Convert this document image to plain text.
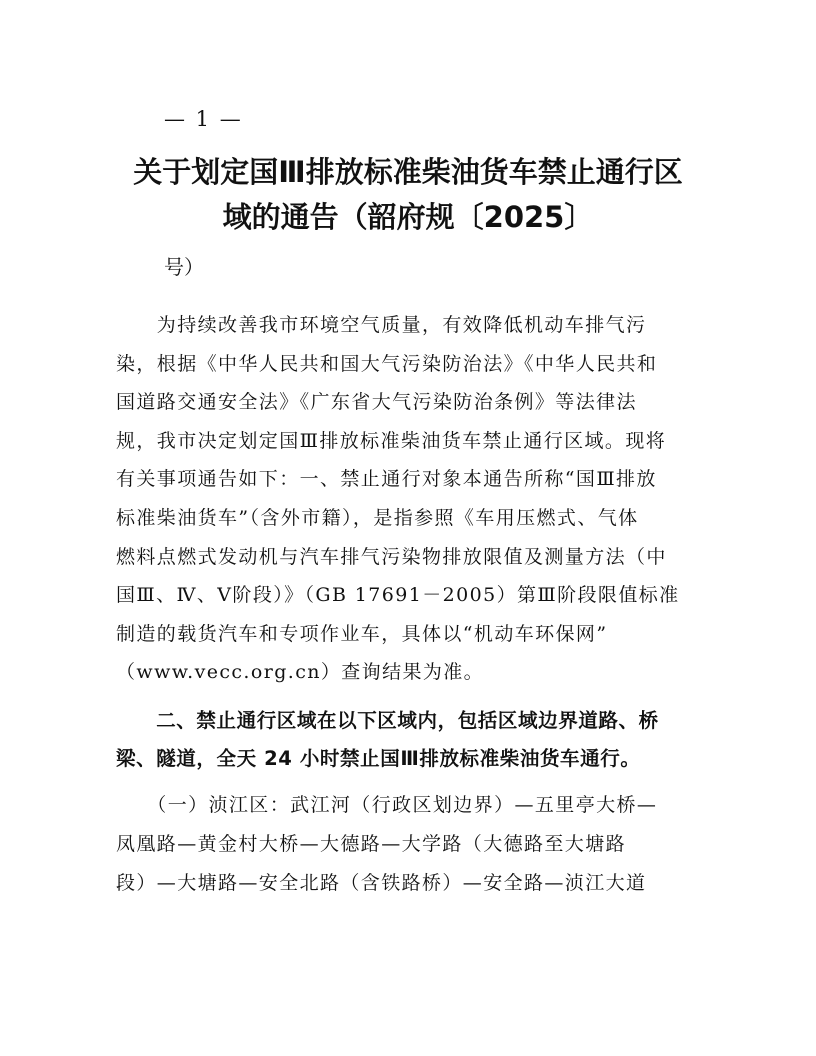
— 1 —
关于划定国Ⅲ排放标准柴油货车禁止通行区
域的通告（韶府规〔2025〕
号）

　　为持续改善我市环境空气质量，有效降低机动车排气污
染，根据《中华人民共和国大气污染防治法》《中华人民共和
国道路交通安全法》《广东省大气污染防治条例》等法律法
规，我市决定划定国Ⅲ排放标准柴油货车禁止通行区域。现将
有关事项通告如下：一、禁止通行对象本通告所称“国Ⅲ排放
标准柴油货车”（含外市籍），是指参照《车用压燃式、气体
燃料点燃式发动机与汽车排气污染物排放限值及测量方法（中
国Ⅲ、Ⅳ、Ⅴ阶段）》（GB 17691－2005）第Ⅲ阶段限值标准
制造的载货汽车和专项作业车，具体以“机动车环保网”
（www.vecc.org.cn）查询结果为准。

　　二、禁止通行区域在以下区域内，包括区域边界道路、桥
梁、隧道，全天 24 小时禁止国Ⅲ排放标准柴油货车通行。

　　（一）浈江区：武江河（行政区划边界）—五里亭大桥—
凤凰路—黄金村大桥—大德路—大学路（大德路至大塘路
段）—大塘路—安全北路（含铁路桥）—安全路—浈江大道
